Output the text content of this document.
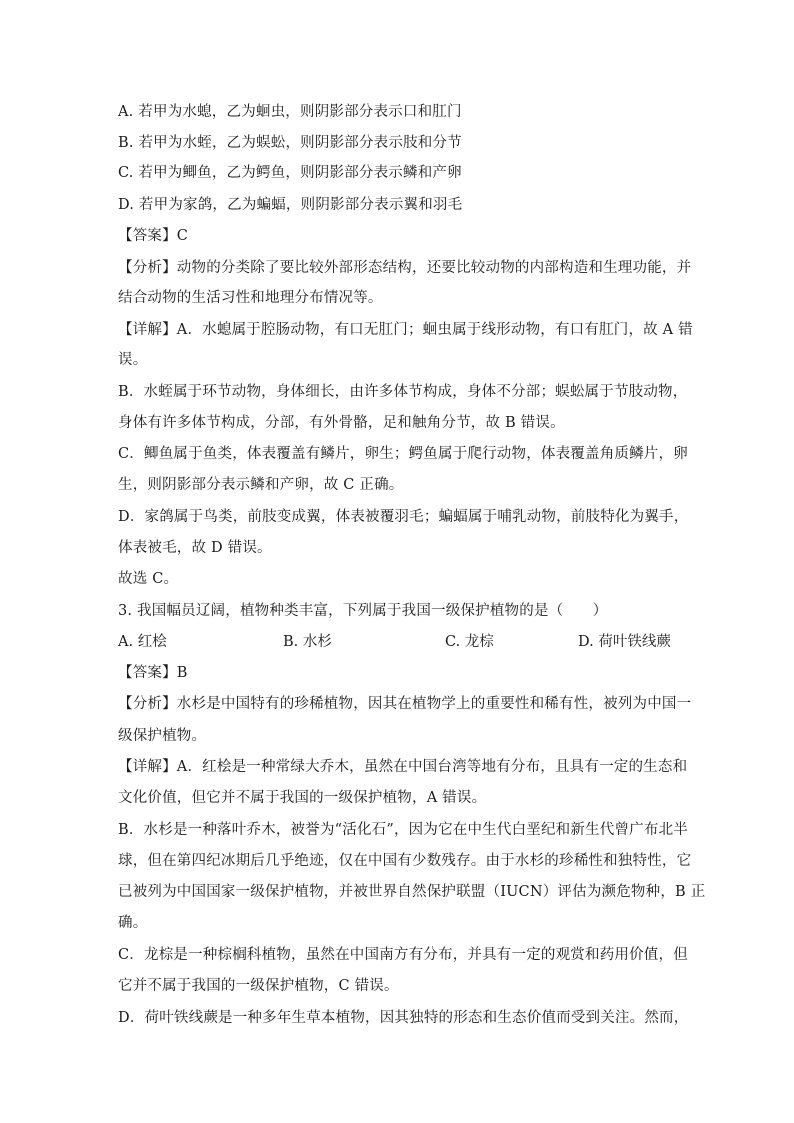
A. 若甲为水螅，乙为蛔虫，则阴影部分表示口和肛门
B. 若甲为水蛭，乙为蜈蚣，则阴影部分表示肢和分节
C. 若甲为鲫鱼，乙为鳄鱼，则阴影部分表示鳞和产卵
D. 若甲为家鸽，乙为蝙蝠，则阴影部分表示翼和羽毛
【答案】C
【分析】动物的分类除了要比较外部形态结构，还要比较动物的内部构造和生理功能，并
结合动物的生活习性和地理分布情况等。
【详解】A．水螅属于腔肠动物，有口无肛门；蛔虫属于线形动物，有口有肛门，故 A 错
误。
B．水蛭属于环节动物，身体细长，由许多体节构成，身体不分部；蜈蚣属于节肢动物，
身体有许多体节构成，分部，有外骨骼，足和触角分节，故 B 错误。
C．鲫鱼属于鱼类，体表覆盖有鳞片，卵生；鳄鱼属于爬行动物，体表覆盖角质鳞片，卵
生，则阴影部分表示鳞和产卵，故 C 正确。
D．家鸽属于鸟类，前肢变成翼，体表被覆羽毛；蝙蝠属于哺乳动物，前肢特化为翼手，
体表被毛，故 D 错误。
故选 C。
3. 我国幅员辽阔，植物种类丰富，下列属于我国一级保护植物的是（　　）
A. 红桧	B. 水杉	C. 龙棕	D. 荷叶铁线蕨
【答案】B
【分析】水杉是中国特有的珍稀植物，因其在植物学上的重要性和稀有性，被列为中国一
级保护植物。
【详解】A．红桧是一种常绿大乔木，虽然在中国台湾等地有分布，且具有一定的生态和
文化价值，但它并不属于我国的一级保护植物，A 错误。
B．水杉是一种落叶乔木，被誉为“活化石”，因为它在中生代白垩纪和新生代曾广布北半
球，但在第四纪冰期后几乎绝迹，仅在中国有少数残存。由于水杉的珍稀性和独特性，它
已被列为中国国家一级保护植物，并被世界自然保护联盟（IUCN）评估为濒危物种，B 正
确。
C．龙棕是一种棕榈科植物，虽然在中国南方有分布，并具有一定的观赏和药用价值，但
它并不属于我国的一级保护植物，C 错误。
D．荷叶铁线蕨是一种多年生草本植物，因其独特的形态和生态价值而受到关注。然而，
